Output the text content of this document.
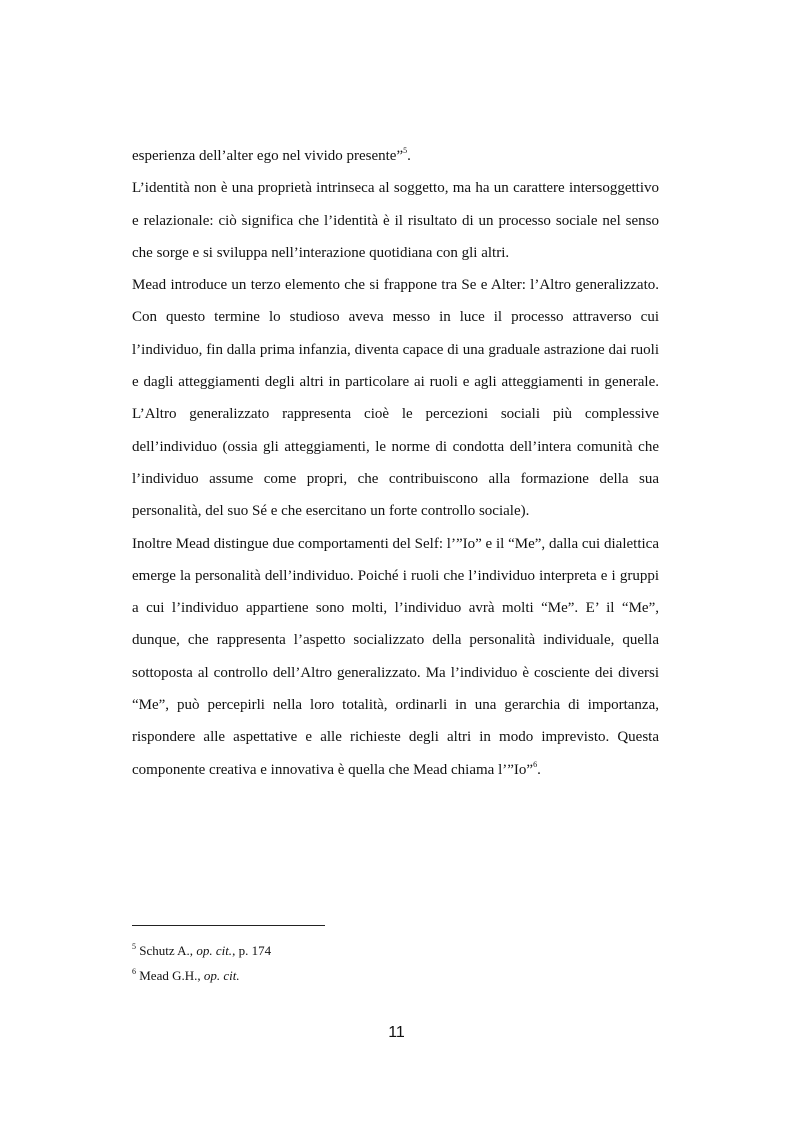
esperienza dell’alter ego nel vivido presente”$^5$.

L’identità non è una proprietà intrinseca al soggetto, ma ha un carattere intersoggettivo e relazionale: ciò significa che l’identità è il risultato di un processo sociale nel senso che sorge e si sviluppa nell’interazione quotidiana con gli altri.

Mead introduce un terzo elemento che si frappone tra Se e Alter: l’Altro generalizzato. Con questo termine lo studioso aveva messo in luce il processo attraverso cui l’individuo, fin dalla prima infanzia, diventa capace di una graduale astrazione dai ruoli e dagli atteggiamenti degli altri in particolare ai ruoli e agli atteggiamenti in generale. L’Altro generalizzato rappresenta cioè le percezioni sociali più complessive dell’individuo (ossia gli atteggiamenti, le norme di condotta dell’intera comunità che l’individuo assume come propri, che contribuiscono alla formazione della sua personalità, del suo Sé e che esercitano un forte controllo sociale).

Inoltre Mead distingue due comportamenti del Self: l’”Io” e il “Me”, dalla cui dialettica emerge la personalità dell’individuo. Poiché i ruoli che l’individuo interpreta e i gruppi a cui l’individuo appartiene sono molti, l’individuo avrà molti “Me”. E’ il “Me”, dunque, che rappresenta l’aspetto socializzato della personalità individuale, quella sottoposta al controllo dell’Altro generalizzato. Ma l’individuo è cosciente dei diversi “Me”, può percepirli nella loro totalità, ordinarli in una gerarchia di importanza, rispondere alle aspettative e alle richieste degli altri in modo imprevisto. Questa componente creativa e innovativa è quella che Mead chiama l’”Io”$^6$.

$^5$ Schutz A., op. cit., p. 174

$^6$ Mead G.H., op. cit.

11
